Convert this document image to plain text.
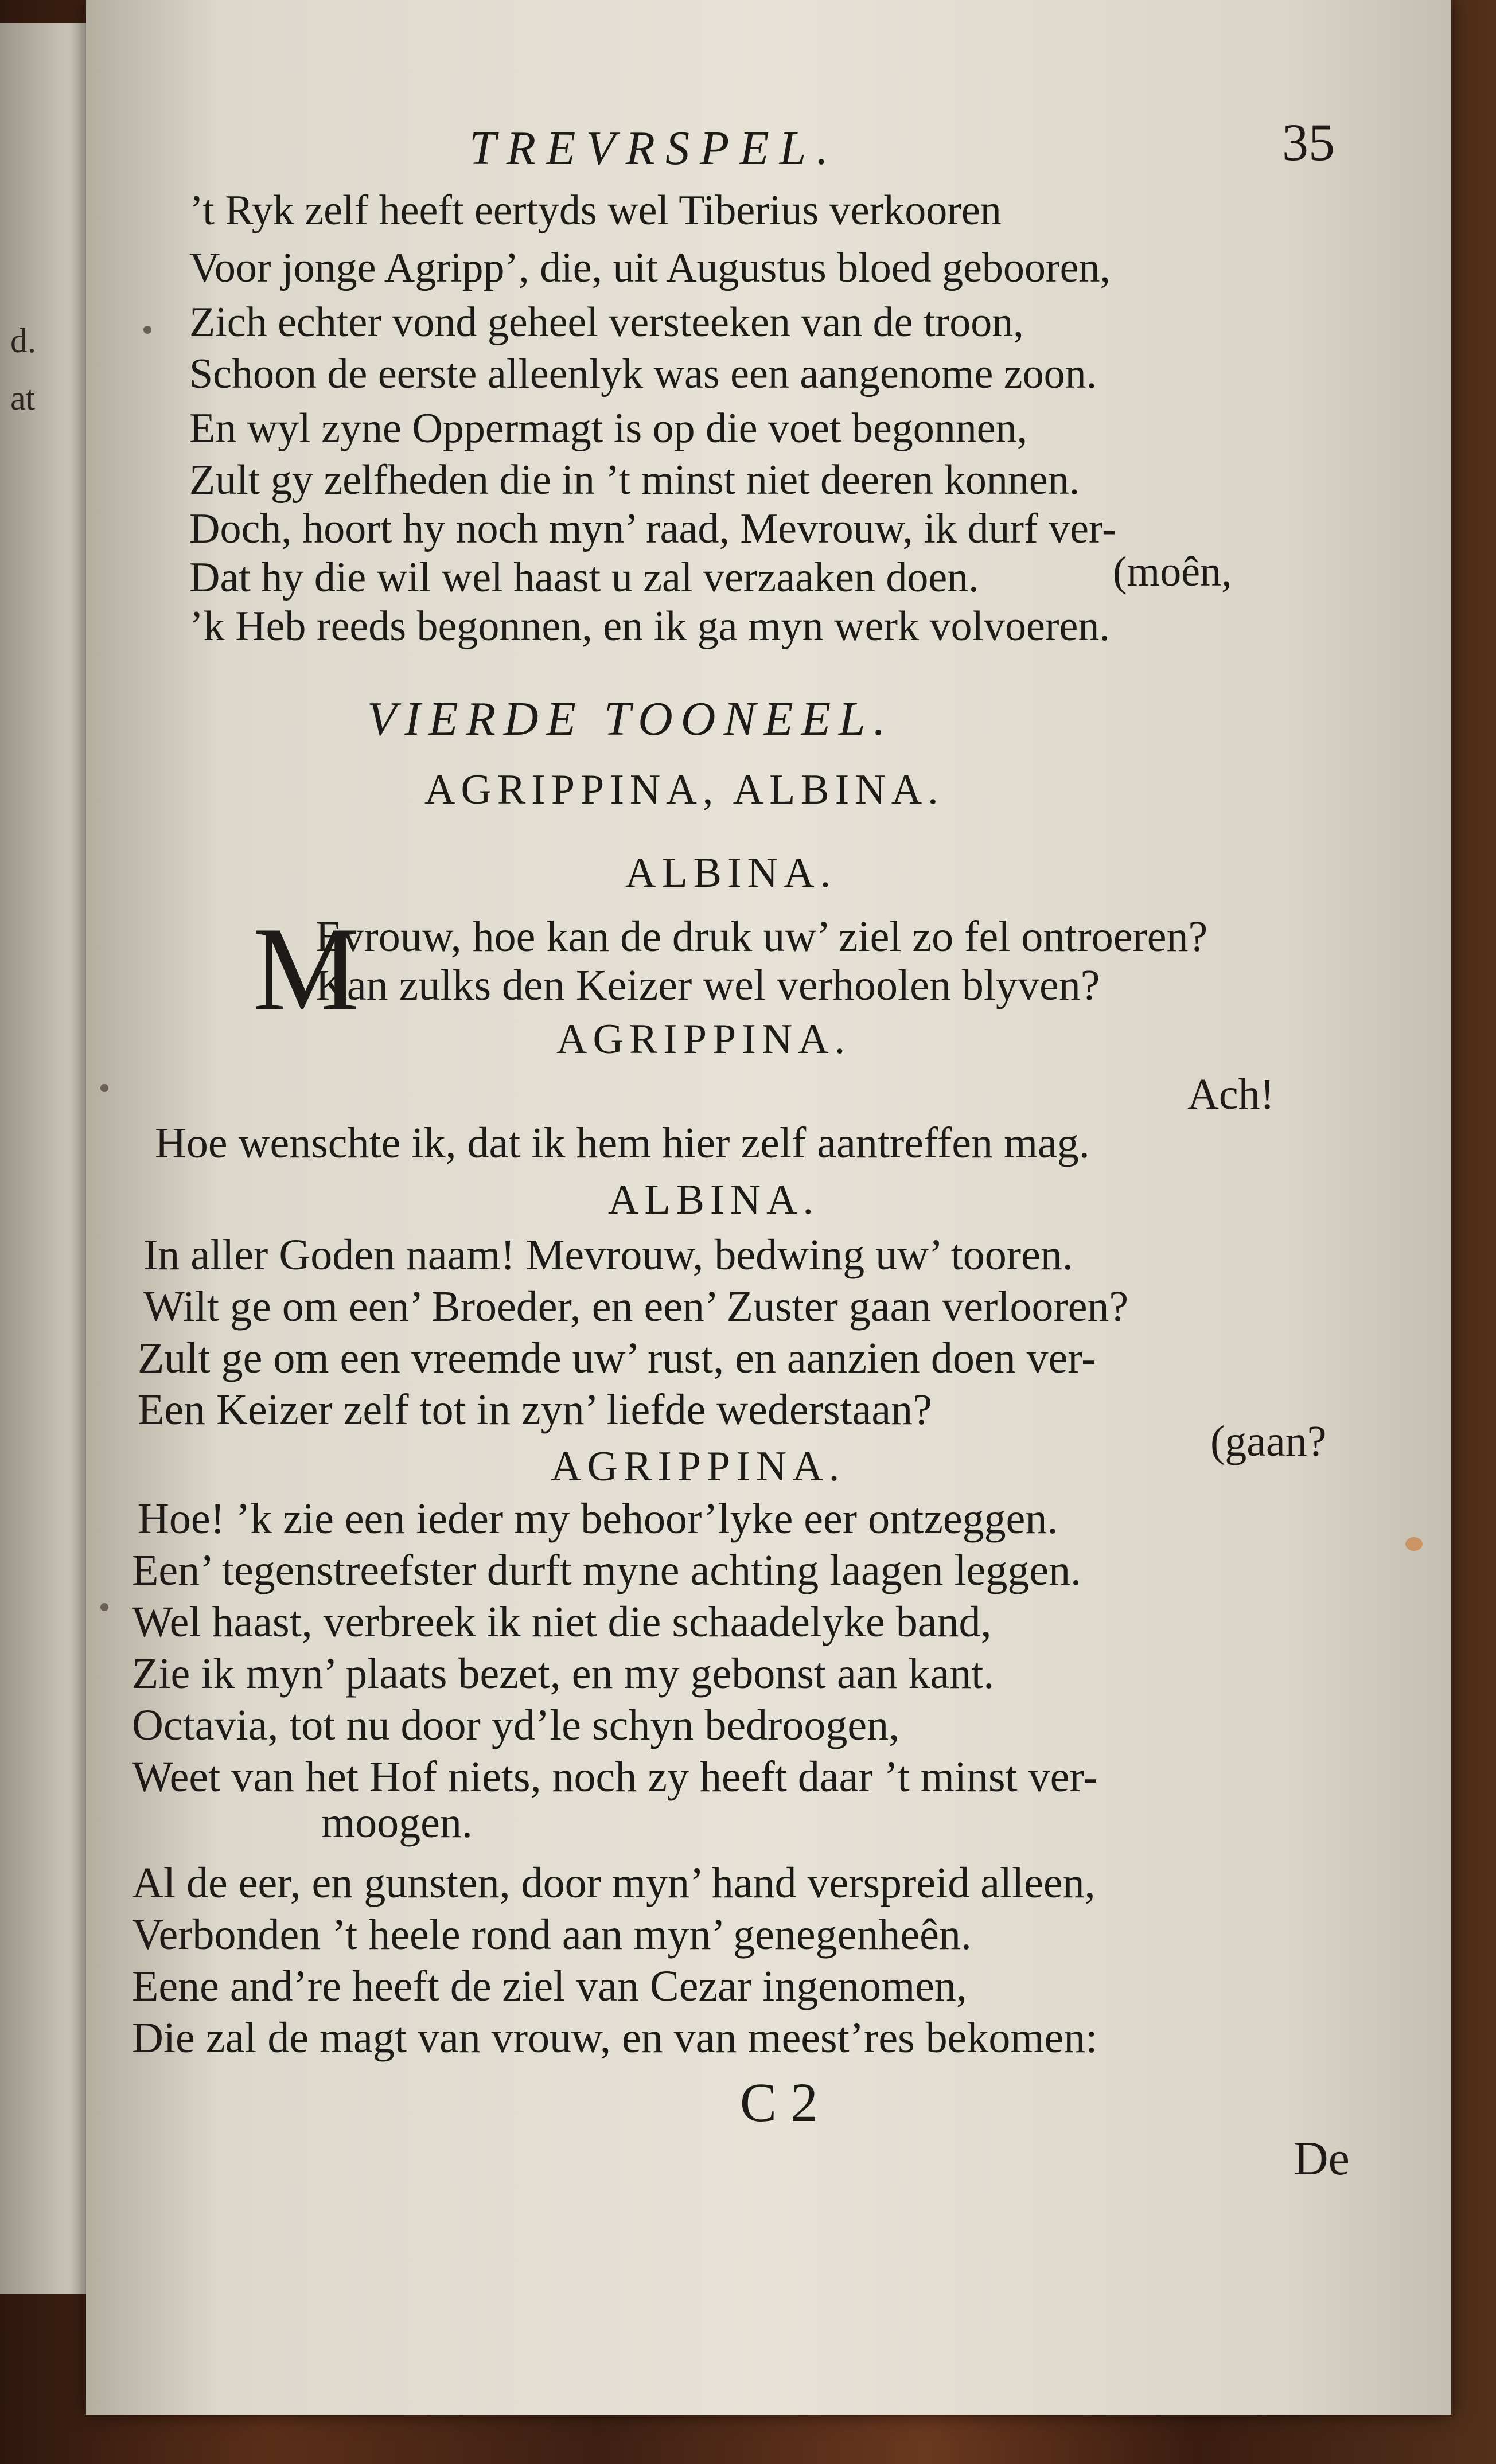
d.
at
TREVRSPEL.	35
’t Ryk zelf heeft eertyds wel Tiberius verkooren
Voor jonge Agripp’, die, uit Augustus bloed gebooren,
Zich echter vond geheel versteeken van de troon,
Schoon de eerste alleenlyk was een aangenome zoon.
En wyl zyne Oppermagt is op die voet begonnen,
Zult gy zelfheden die in ’t minst niet deeren konnen.
Doch, hoort hy noch myn’ raad, Mevrouw, ik durf ver-
Dat hy die wil wel haast u zal verzaaken doen.	(moên,
’k Heb reeds begonnen, en ik ga myn werk volvoeren.
VIERDE TOONEEL.
AGRIPPINA, ALBINA.
ALBINA.
M
Evrouw, hoe kan de druk uw’ ziel zo fel ontroeren?
Kan zulks den Keizer wel verhoolen blyven?
AGRIPPINA.
Ach!
Hoe wenschte ik, dat ik hem hier zelf aantreffen mag.
ALBINA.
In aller Goden naam! Mevrouw, bedwing uw’ tooren.
Wilt ge om een’ Broeder, en een’ Zuster gaan verlooren?
Zult ge om een vreemde uw’ rust, en aanzien doen ver-
Een Keizer zelf tot in zyn’ liefde wederstaan?
(gaan?
AGRIPPINA.
Hoe! ’k zie een ieder my behoor’lyke eer ontzeggen.
Een’ tegenstreefster durft myne achting laagen leggen.
Wel haast, verbreek ik niet die schaadelyke band,
Zie ik myn’ plaats bezet, en my gebonst aan kant.
Octavia, tot nu door yd’le schyn bedroogen,
Weet van het Hof niets, noch zy heeft daar ’t minst ver-
moogen.
Al de eer, en gunsten, door myn’ hand verspreid alleen,
Verbonden ’t heele rond aan myn’ genegenheên.
Eene and’re heeft de ziel van Cezar ingenomen,
Die zal de magt van vrouw, en van meest’res bekomen:
C 2
De
